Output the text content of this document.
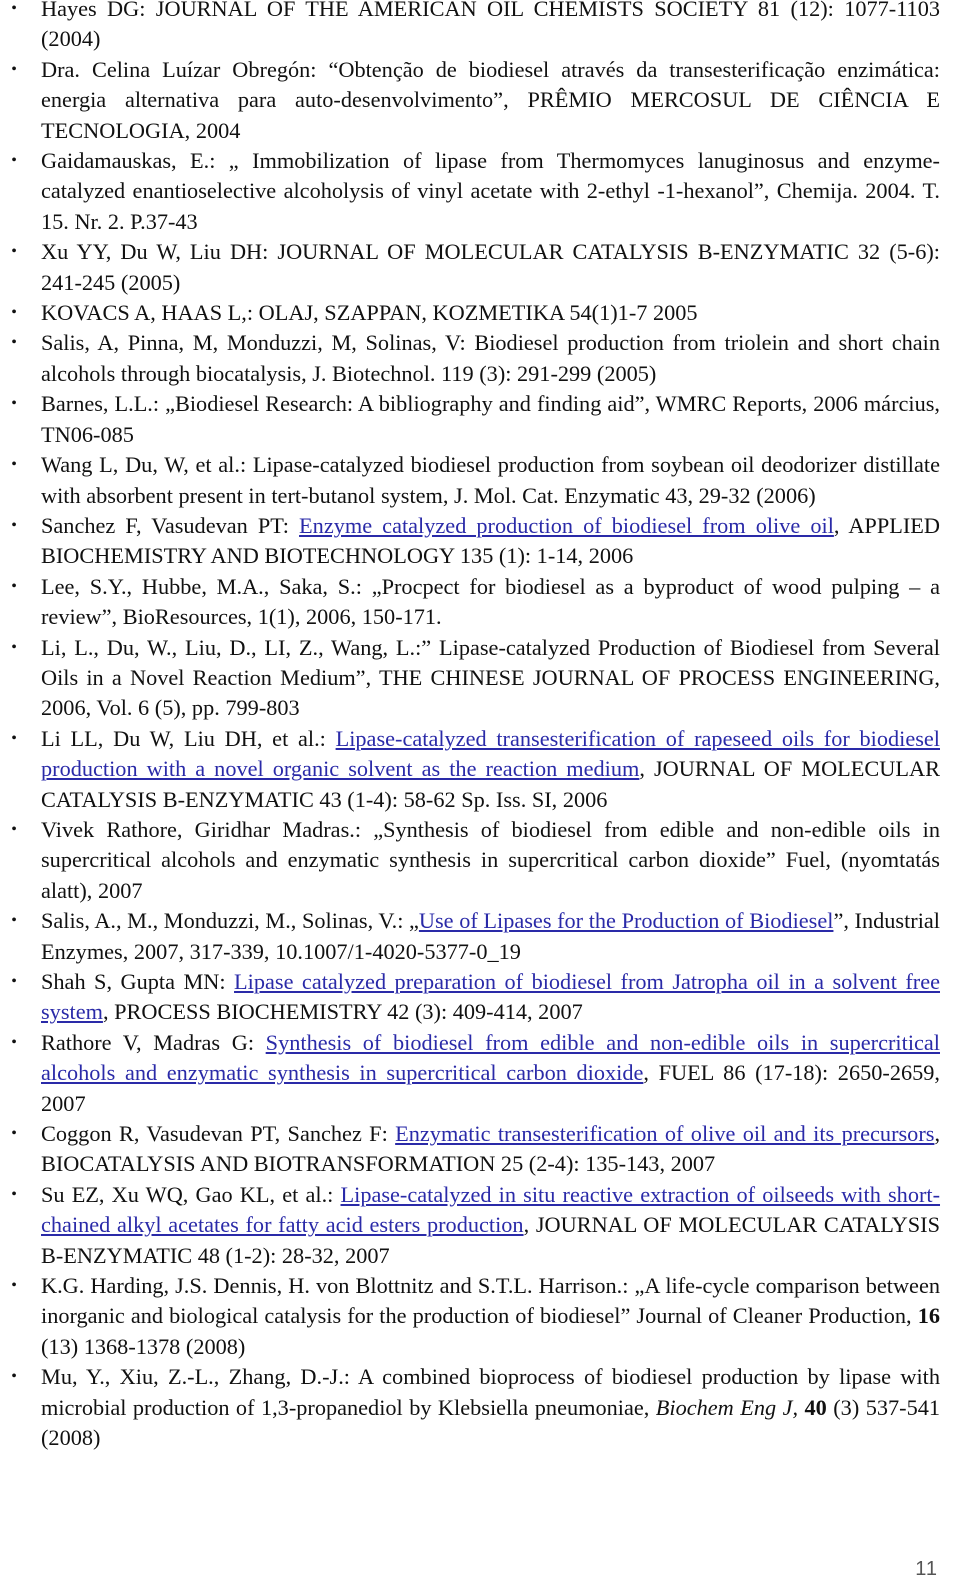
• Hayes DG: JOURNAL OF THE AMERICAN OIL CHEMISTS SOCIETY 81 (12): 1077-1103 (2004)
• Dra. Celina Luízar Obregón: “Obtenção de biodiesel através da transesterificação enzimática: energia alternativa para auto-desenvolvimento”, PRÊMIO MERCOSUL DE CIÊNCIA E TECNOLOGIA, 2004
• Gaidamauskas, E.: „ Immobilization of lipase from Thermomyces lanuginosus and enzyme-catalyzed enantioselective alcoholysis of vinyl acetate with 2-ethyl -1-hexanol”, Chemija. 2004. T. 15. Nr. 2. P.37-43
• Xu YY, Du W, Liu DH: JOURNAL OF MOLECULAR CATALYSIS B-ENZYMATIC 32 (5-6): 241-245 (2005)
• KOVACS A, HAAS L,: OLAJ, SZAPPAN, KOZMETIKA 54(1)1-7 2005
• Salis, A, Pinna, M, Monduzzi, M, Solinas, V: Biodiesel production from triolein and short chain alcohols through biocatalysis, J. Biotechnol. 119 (3): 291-299 (2005)
• Barnes, L.L.: „Biodiesel Research: A bibliography and finding aid”, WMRC Reports, 2006 március, TN06-085
• Wang L, Du, W, et al.: Lipase-catalyzed biodiesel production from soybean oil deodorizer distillate with absorbent present in tert-butanol system, J. Mol. Cat. Enzymatic 43, 29-32 (2006)
• Sanchez F, Vasudevan PT: Enzyme catalyzed production of biodiesel from olive oil, APPLIED BIOCHEMISTRY AND BIOTECHNOLOGY 135 (1): 1-14, 2006
• Lee, S.Y., Hubbe, M.A., Saka, S.: „Procpect for biodiesel as a byproduct of wood pulping – a review”, BioResources, 1(1), 2006, 150-171.
• Li, L., Du, W., Liu, D., LI, Z., Wang, L.:” Lipase-catalyzed Production of Biodiesel from Several Oils in a Novel Reaction Medium”, THE CHINESE JOURNAL OF PROCESS ENGINEERING, 2006, Vol. 6 (5), pp. 799-803
• Li LL, Du W, Liu DH, et al.: Lipase-catalyzed transesterification of rapeseed oils for biodiesel production with a novel organic solvent as the reaction medium, JOURNAL OF MOLECULAR CATALYSIS B-ENZYMATIC 43 (1-4): 58-62 Sp. Iss. SI, 2006
• Vivek Rathore, Giridhar Madras.: „Synthesis of biodiesel from edible and non-edible oils in supercritical alcohols and enzymatic synthesis in supercritical carbon dioxide” Fuel, (nyomtatás alatt), 2007
• Salis, A., M., Monduzzi, M., Solinas, V.: „Use of Lipases for the Production of Biodiesel”, Industrial Enzymes, 2007, 317-339, 10.1007/1-4020-5377-0_19
• Shah S, Gupta MN: Lipase catalyzed preparation of biodiesel from Jatropha oil in a solvent free system, PROCESS BIOCHEMISTRY 42 (3): 409-414, 2007
• Rathore V, Madras G: Synthesis of biodiesel from edible and non-edible oils in supercritical alcohols and enzymatic synthesis in supercritical carbon dioxide, FUEL 86 (17-18): 2650-2659, 2007
• Coggon R, Vasudevan PT, Sanchez F: Enzymatic transesterification of olive oil and its precursors, BIOCATALYSIS AND BIOTRANSFORMATION 25 (2-4): 135-143, 2007
• Su EZ, Xu WQ, Gao KL, et al.: Lipase-catalyzed in situ reactive extraction of oilseeds with short-chained alkyl acetates for fatty acid esters production, JOURNAL OF MOLECULAR CATALYSIS B-ENZYMATIC 48 (1-2): 28-32, 2007
• K.G. Harding, J.S. Dennis, H. von Blottnitz and S.T.L. Harrison.: „A life-cycle comparison between inorganic and biological catalysis for the production of biodiesel” Journal of Cleaner Production, 16 (13) 1368-1378 (2008)
• Mu, Y., Xiu, Z.-L., Zhang, D.-J.: A combined bioprocess of biodiesel production by lipase with microbial production of 1,3-propanediol by Klebsiella pneumoniae, Biochem Eng J, 40 (3) 537-541 (2008)
11
